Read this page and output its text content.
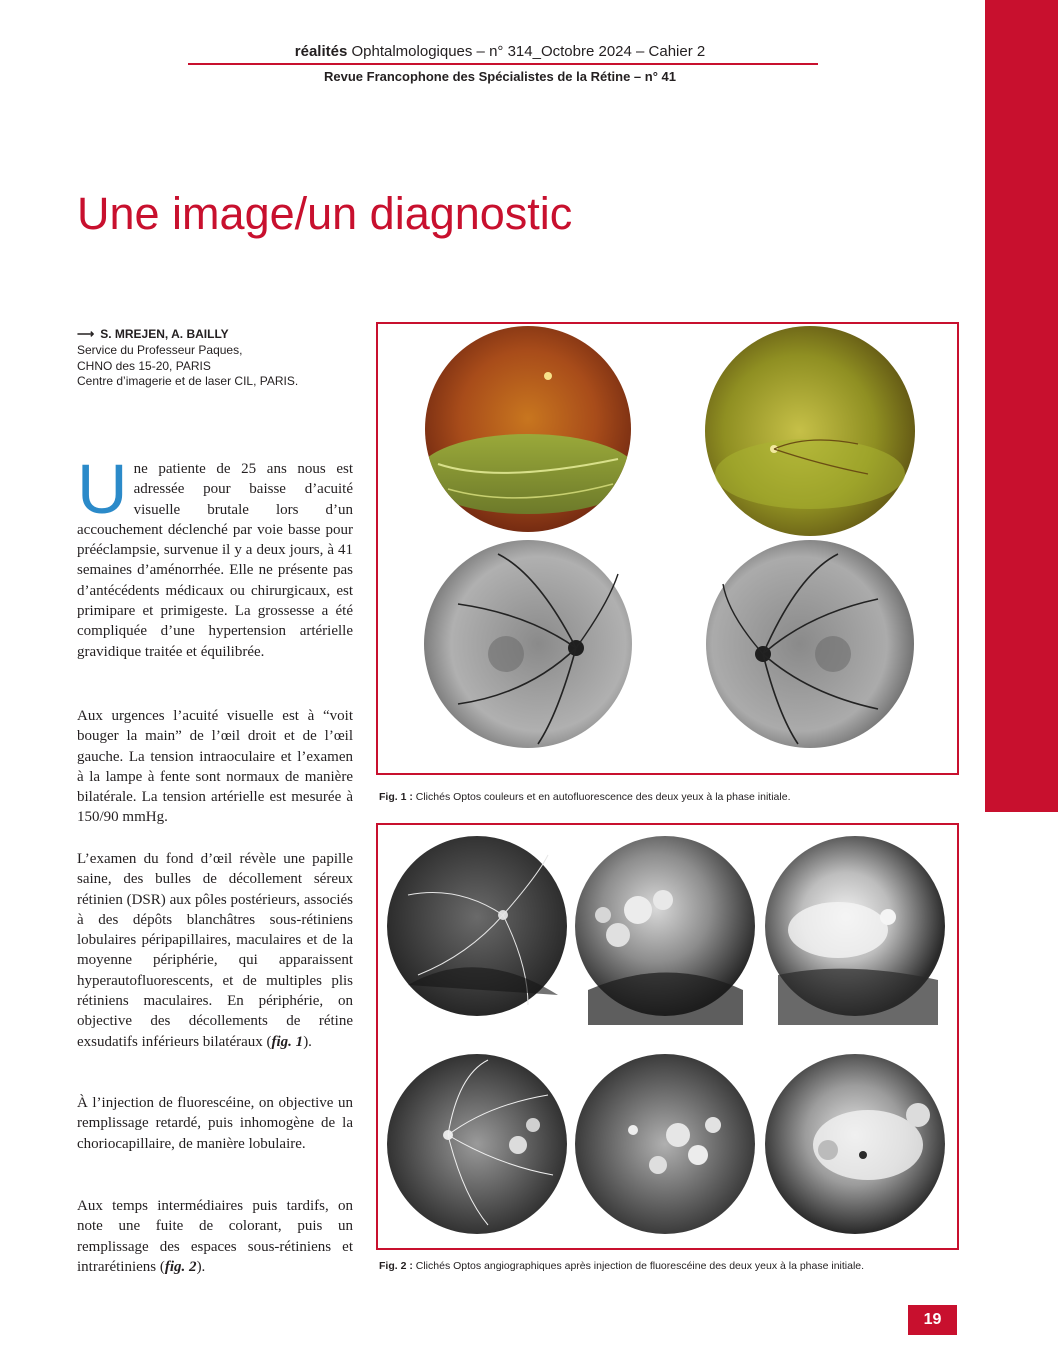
réalités Ophtalmologiques – n° 314_Octobre 2024 – Cahier 2
Revue Francophone des Spécialistes de la Rétine – n° 41
Une image/un diagnostic
⟶ S. MREJEN, A. BAILLY
Service du Professeur Paques,
CHNO des 15-20, PARIS
Centre d’imagerie et de laser CIL, PARIS.
Une patiente de 25 ans nous est adressée pour baisse d’acuité visuelle brutale lors d’un accouchement déclenché par voie basse pour prééclampsie, survenue il y a deux jours, à 41 semaines d’aménorrhée. Elle ne présente pas d’antécédents médicaux ou chirurgicaux, est primipare et primigeste. La grossesse a été compliquée d’une hypertension artérielle gravidique traitée et équilibrée.
Aux urgences l’acuité visuelle est à “voit bouger la main” de l’œil droit et de l’œil gauche. La tension intraoculaire et l’examen à la lampe à fente sont normaux de manière bilatérale. La tension artérielle est mesurée à 150/90 mmHg.
L’examen du fond d’œil révèle une papille saine, des bulles de décollement séreux rétinien (DSR) aux pôles postérieurs, associés à des dépôts blanchâtres sous-rétiniens lobulaires péripapillaires, maculaires et de la moyenne périphérie, qui apparaissent hyperautofluorescents, et de multiples plis rétiniens maculaires. En périphérie, on objective des décollements de rétine exsudatifs inférieurs bilatéraux (fig. 1).
À l’injection de fluorescéine, on objective un remplissage retardé, puis inhomogène de la choriocapillaire, de manière lobulaire.
Aux temps intermédiaires puis tardifs, on note une fuite de colorant, puis un remplissage des espaces sous-rétiniens et intrarétiniens (fig. 2).
Fig. 1 : Clichés Optos couleurs et en autofluorescence des deux yeux à la phase initiale.
Fig. 2 : Clichés Optos angiographiques après injection de fluorescéine des deux yeux à la phase initiale.
19
